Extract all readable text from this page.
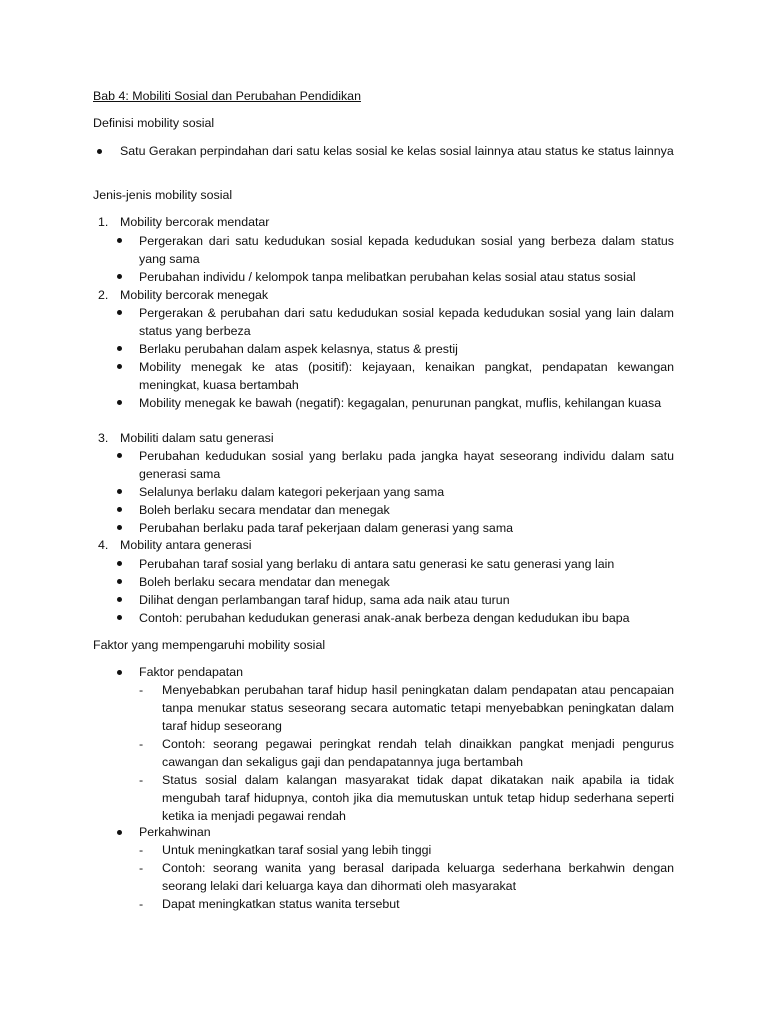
Bab 4: Mobiliti Sosial dan Perubahan Pendidikan
Definisi mobility sosial
Satu Gerakan perpindahan dari satu kelas sosial ke kelas sosial lainnya atau status ke status lainnya
Jenis-jenis mobility sosial
1. Mobility bercorak mendatar
Pergerakan dari satu kedudukan sosial kepada kedudukan sosial yang berbeza dalam status yang sama
Perubahan individu / kelompok tanpa melibatkan perubahan kelas sosial atau status sosial
2. Mobility bercorak menegak
Pergerakan & perubahan dari satu kedudukan sosial kepada kedudukan sosial yang lain dalam status yang berbeza
Berlaku perubahan dalam aspek kelasnya, status & prestij
Mobility menegak ke atas (positif): kejayaan, kenaikan pangkat, pendapatan kewangan meningkat, kuasa bertambah
Mobility menegak ke bawah (negatif): kegagalan, penurunan pangkat, muflis, kehilangan kuasa
3. Mobiliti dalam satu generasi
Perubahan kedudukan sosial yang berlaku pada jangka hayat seseorang individu dalam satu generasi sama
Selalunya berlaku dalam kategori pekerjaan yang sama
Boleh berlaku secara mendatar dan menegak
Perubahan berlaku pada taraf pekerjaan dalam generasi yang sama
4. Mobility antara generasi
Perubahan taraf sosial yang berlaku di antara satu generasi ke satu generasi yang lain
Boleh berlaku secara mendatar dan menegak
Dilihat dengan perlambangan taraf hidup, sama ada naik atau turun
Contoh: perubahan kedudukan generasi anak-anak berbeza dengan kedudukan ibu bapa
Faktor yang mempengaruhi mobility sosial
Faktor pendapatan
- Menyebabkan perubahan taraf hidup hasil peningkatan dalam pendapatan atau pencapaian tanpa menukar status seseorang secara automatic tetapi menyebabkan peningkatan dalam taraf hidup seseorang
- Contoh: seorang pegawai peringkat rendah telah dinaikkan pangkat menjadi pengurus cawangan dan sekaligus gaji dan pendapatannya juga bertambah
- Status sosial dalam kalangan masyarakat tidak dapat dikatakan naik apabila ia tidak mengubah taraf hidupnya, contoh jika dia memutuskan untuk tetap hidup sederhana seperti ketika ia menjadi pegawai rendah
Perkahwinan
- Untuk meningkatkan taraf sosial yang lebih tinggi
- Contoh: seorang wanita yang berasal daripada keluarga sederhana berkahwin dengan seorang lelaki dari keluarga kaya dan dihormati oleh masyarakat
- Dapat meningkatkan status wanita tersebut
